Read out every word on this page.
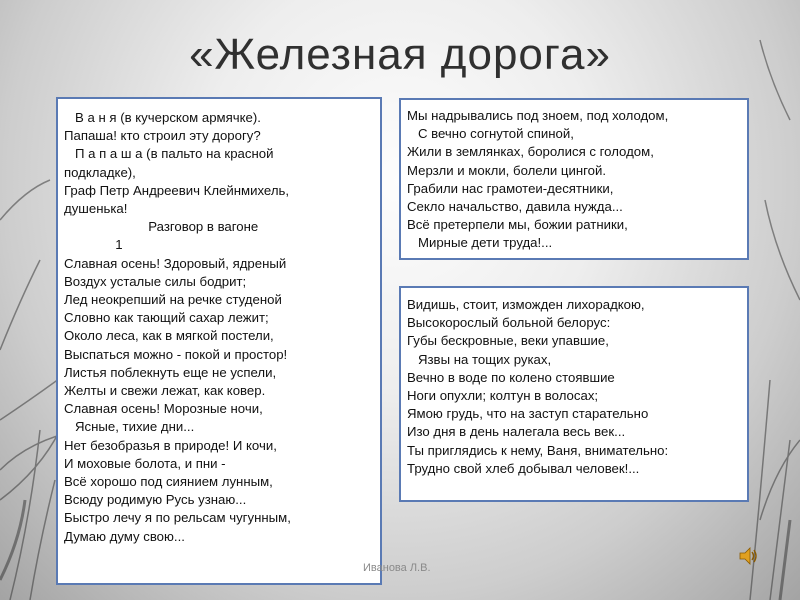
«Железная дорога»
В а н я (в кучерском армячке).
Папаша! кто строил эту дорогу?
П а п а ш а (в пальто на красной
подкладке),
Граф Петр Андреевич Клейнмихель,
душенька!
Разговор в вагоне
1
Славная осень! Здоровый, ядреный
Воздух усталые силы бодрит;
Лед неокрепший на речке студеной
Словно как тающий сахар лежит;
Около леса, как в мягкой постели,
Выспаться можно - покой и простор!
Листья поблекнуть еще не успели,
Желты и свежи лежат, как ковер.
Славная осень! Морозные ночи,
Ясные, тихие дни...
Нет безобразья в природе! И кочи,
И моховые болота, и пни -
Всё хорошо под сиянием лунным,
Всюду родимую Русь узнаю...
Быстро лечу я по рельсам чугунным,
Думаю думу свою...
Мы надрывались под зноем, под холодом,
С вечно согнутой спиной,
Жили в землянках, боролися с голодом,
Мерзли и мокли, болели цингой.
Грабили нас грамотеи-десятники,
Секло начальство, давила нужда...
Всё претерпели мы, божии ратники,
Мирные дети труда!...
Видишь, стоит, изможден лихорадкою,
Высокорослый больной белорус:
Губы бескровные, веки упавшие,
Язвы на тощих руках,
Вечно в воде по колено стоявшие
Ноги опухли; колтун в волосах;
Ямою грудь, что на заступ старательно
Изо дня в день налегала весь век...
Ты приглядись к нему, Ваня, внимательно:
Трудно свой хлеб добывал человек!...
Иванова Л.В.
